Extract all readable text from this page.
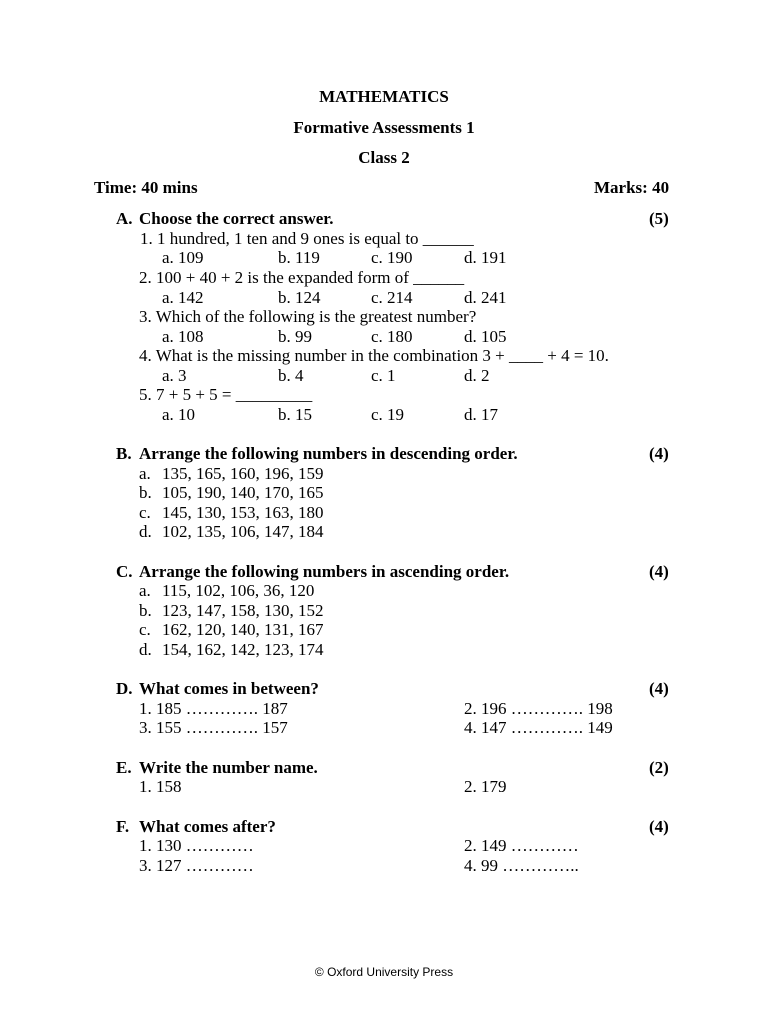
MATHEMATICS
Formative Assessments 1
Class 2
Time: 40 mins	Marks: 40
A. Choose the correct answer.	(5)
1. 1 hundred, 1 ten and 9 ones is equal to ______
a. 109	b. 119	c. 190	d. 191
2. 100 + 40 + 2 is the expanded form of ______
a. 142	b. 124	c. 214	d. 241
3. Which of the following is the greatest number?
a. 108	b. 99	c. 180	d. 105
4. What is the missing number in the combination 3 + ____ + 4 = 10.
a. 3	b. 4	c. 1	d. 2
5. 7 + 5 + 5 = _________
a. 10	b. 15	c. 19	d. 17
B. Arrange the following numbers in descending order.	(4)
a. 135, 165, 160, 196, 159
b. 105, 190, 140, 170, 165
c. 145, 130, 153, 163, 180
d. 102, 135, 106, 147, 184
C. Arrange the following numbers in ascending order.	(4)
a. 115, 102, 106, 36, 120
b. 123, 147, 158, 130, 152
c. 162, 120, 140, 131, 167
d. 154, 162, 142, 123, 174
D. What comes in between?	(4)
1. 185 …………. 187	2. 196 …………. 198
3. 155 …………. 157	4. 147 …………. 149
E. Write the number name.	(2)
1. 158	2. 179
F. What comes after?	(4)
1. 130 …………	2. 149 …………
3. 127 …………	4. 99 …………..
© Oxford University Press
